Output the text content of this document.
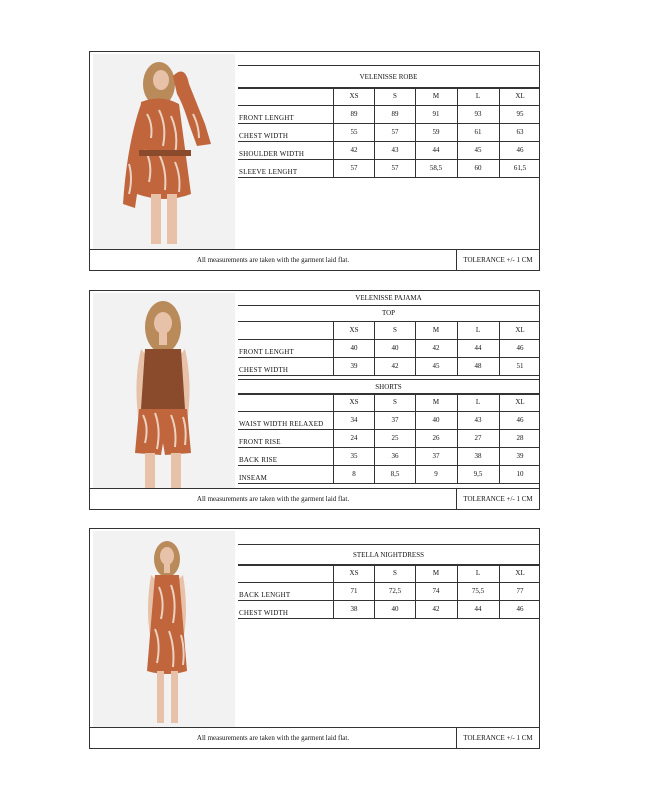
VELENISSE ROBE
XS	S	M	L	XL
FRONT LENGHT	89	89	91	93	95
CHEST WIDTH	55	57	59	61	63
SHOULDER WIDTH	42	43	44	45	46
SLEEVE LENGHT	57	57	58,5	60	61,5
All measurements are taken with the garment laid flat.	TOLERANCE +/- 1 CM
VELENISSE PAJAMA
TOP
XS	S	M	L	XL
FRONT LENGHT	40	40	42	44	46
CHEST WIDTH	39	42	45	48	51
SHORTS
XS	S	M	L	XL
WAIST WIDTH RELAXED	34	37	40	43	46
FRONT RISE	24	25	26	27	28
BACK RISE	35	36	37	38	39
INSEAM	8	8,5	9	9,5	10
All measurements are taken with the garment laid flat.	TOLERANCE +/- 1 CM
STELLA NIGHTDRESS
XS	S	M	L	XL
BACK LENGHT	71	72,5	74	75,5	77
CHEST WIDTH	38	40	42	44	46
All measurements are taken with the garment laid flat.	TOLERANCE +/- 1 CM
